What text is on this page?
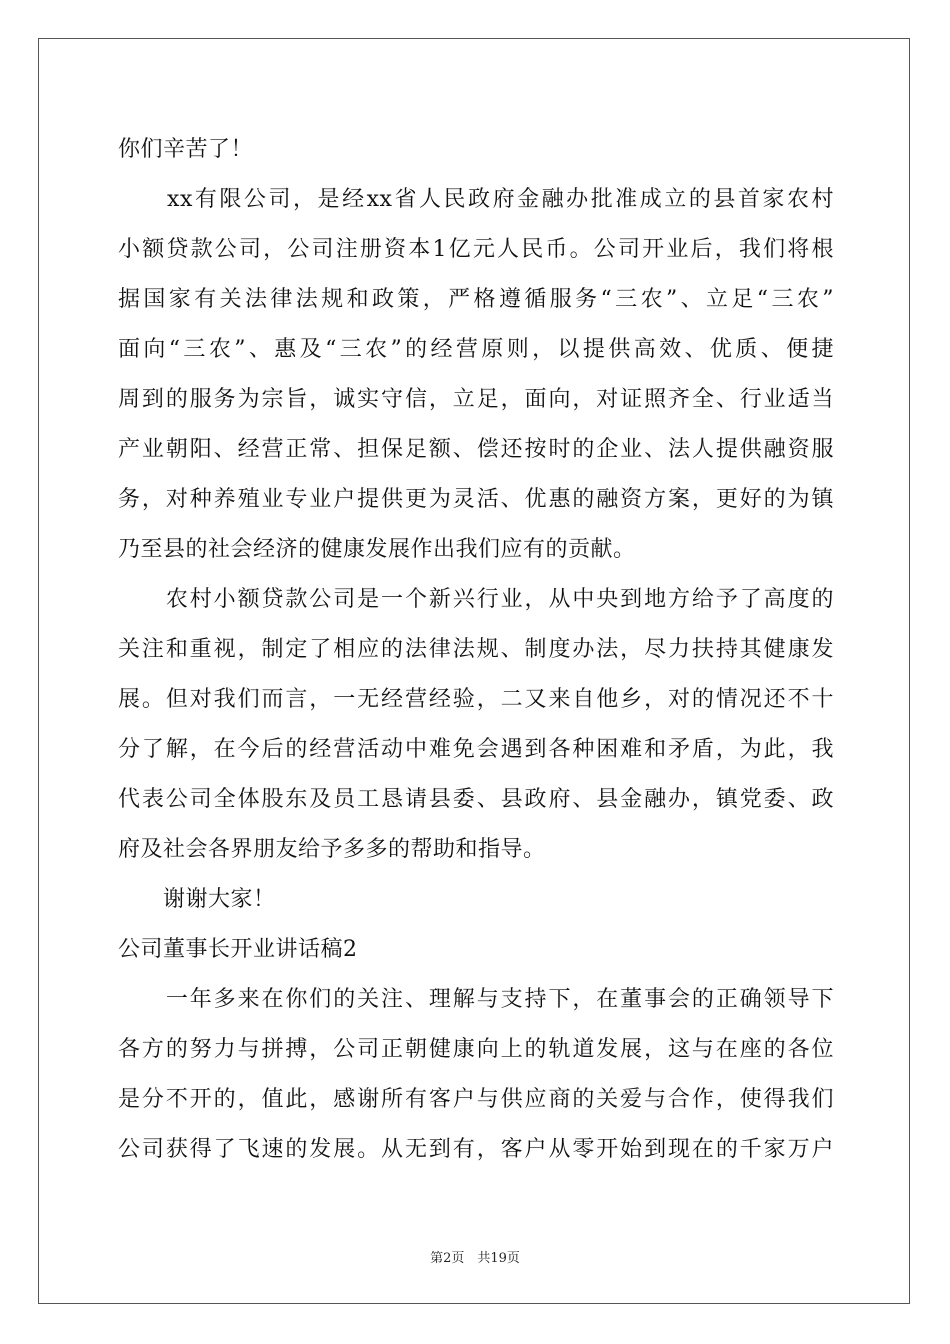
你们辛苦了！
　　xx有限公司，是经xx省人民政府金融办批准成立的县首家农村
小额贷款公司，公司注册资本1亿元人民币。公司开业后，我们将根
据国家有关法律法规和政策，严格遵循服务“三农”、立足“三农”
面向“三农”、惠及“三农”的经营原则，以提供高效、优质、便捷
周到的服务为宗旨，诚实守信，立足，面向，对证照齐全、行业适当
产业朝阳、经营正常、担保足额、偿还按时的企业、法人提供融资服
务，对种养殖业专业户提供更为灵活、优惠的融资方案，更好的为镇
乃至县的社会经济的健康发展作出我们应有的贡献。
　　农村小额贷款公司是一个新兴行业，从中央到地方给予了高度的
关注和重视，制定了相应的法律法规、制度办法，尽力扶持其健康发
展。但对我们而言，一无经营经验，二又来自他乡，对的情况还不十
分了解，在今后的经营活动中难免会遇到各种困难和矛盾，为此，我
代表公司全体股东及员工恳请县委、县政府、县金融办，镇党委、政
府及社会各界朋友给予多多的帮助和指导。
　　谢谢大家！
公司董事长开业讲话稿2
　　一年多来在你们的关注、理解与支持下，在董事会的正确领导下
各方的努力与拼搏，公司正朝健康向上的轨道发展，这与在座的各位
是分不开的，值此，感谢所有客户与供应商的关爱与合作，使得我们
公司获得了飞速的发展。从无到有，客户从零开始到现在的千家万户
第2页　共19页
